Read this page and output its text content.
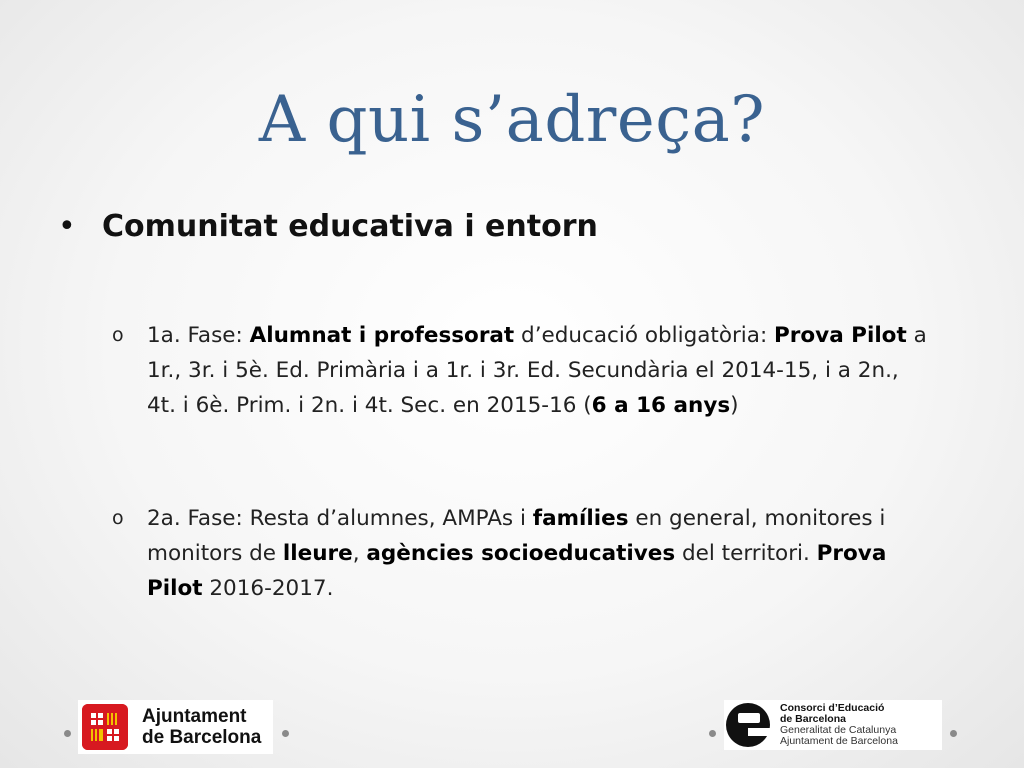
A qui s’adreça?
• Comunitat educativa i entorn
o 1a. Fase: Alumnat i professorat d’educació obligatòria: Prova Pilot a 1r., 3r. i 5è. Ed. Primària i a 1r. i 3r. Ed. Secundària el 2014-15, i a 2n., 4t. i 6è. Prim. i 2n. i 4t. Sec. en 2015-16 (6 a 16 anys)
o 2a. Fase: Resta d’alumnes, AMPAs i famílies en general, monitores i monitors de lleure, agències socioeducatives del territori. Prova Pilot 2016-2017.
Ajuntament
de Barcelona
Consorci d’Educació
de Barcelona
Generalitat de Catalunya
Ajuntament de Barcelona
